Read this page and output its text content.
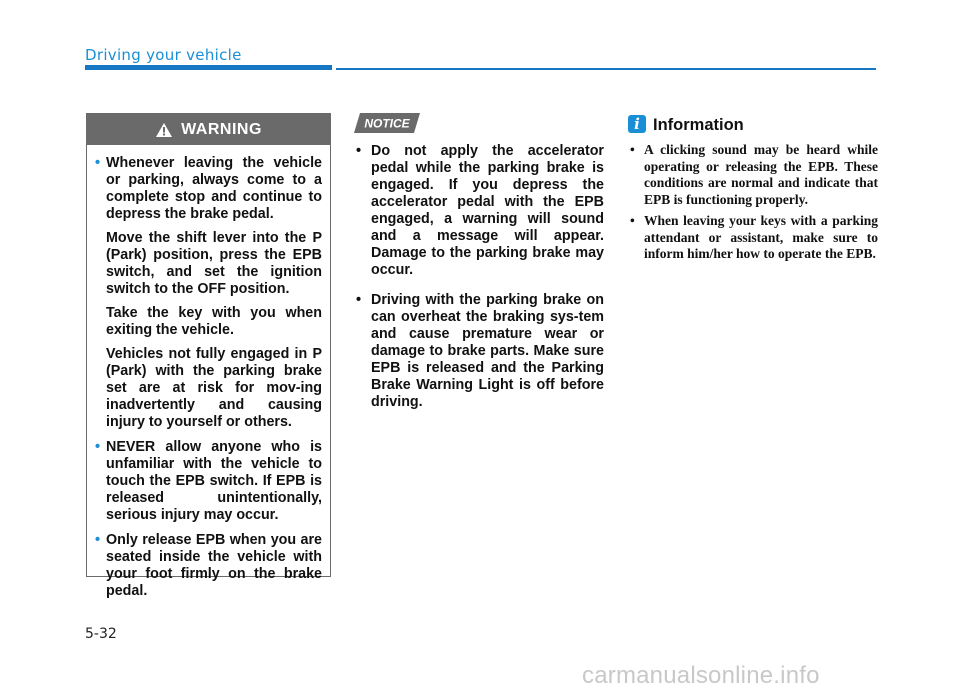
Driving your vehicle
WARNING
• Whenever leaving the vehicle or parking, always come to a complete stop and continue to depress the brake pedal.

Move the shift lever into the P (Park) position, press the EPB switch, and set the ignition switch to the OFF position.

Take the key with you when exiting the vehicle.

Vehicles not fully engaged in P (Park) with the parking brake set are at risk for mov-ing inadvertently and causing injury to yourself or others.

• NEVER allow anyone who is unfamiliar with the vehicle to touch the EPB switch. If EPB is released unintentionally, serious injury may occur.

• Only release EPB when you are seated inside the vehicle with your foot firmly on the brake pedal.

NOTICE
• Do not apply the accelerator pedal while the parking brake is engaged. If you depress the accelerator pedal with the EPB engaged, a warning will sound and a message will appear. Damage to the parking brake may occur.

• Driving with the parking brake on can overheat the braking sys-tem and cause premature wear or damage to brake parts. Make sure EPB is released and the Parking Brake Warning Light is off before driving.

i Information
• A clicking sound may be heard while operating or releasing the EPB. These conditions are normal and indicate that EPB is functioning properly.

• When leaving your keys with a parking attendant or assistant, make sure to inform him/her how to operate the EPB.

5-32
carmanualsonline.info
